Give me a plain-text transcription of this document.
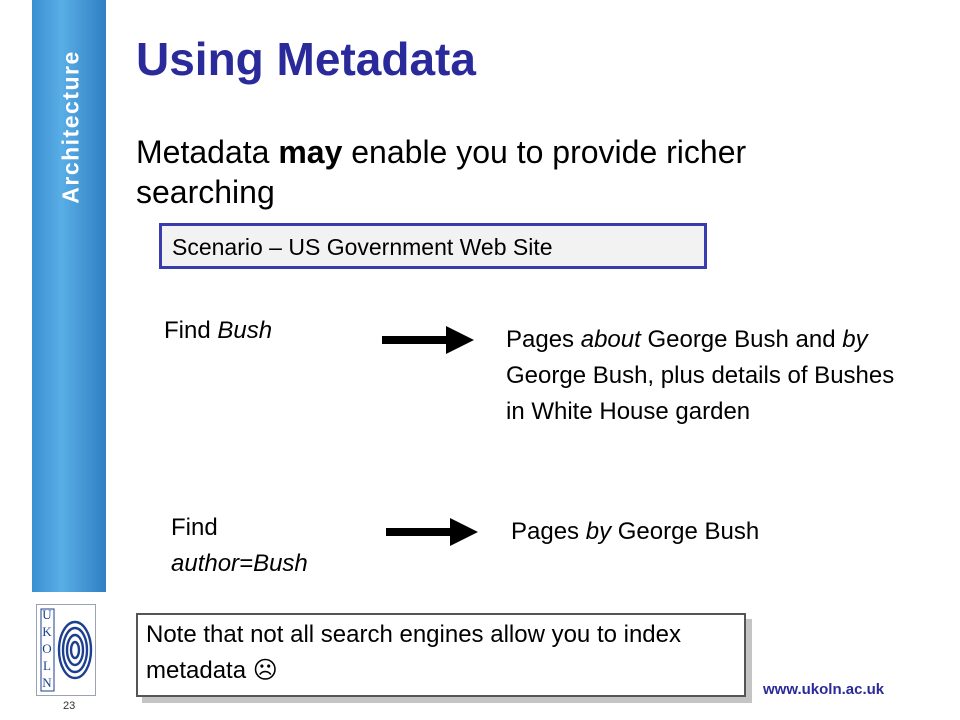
Architecture Using Metadata
Metadata may enable you to provide richer searching
Scenario – US Government Web Site
Find Bush	Pages about George Bush and by George Bush, plus details of Bushes in White House garden
Find
author=Bush
Pages by George Bush
U
K
O
L
N
23
Note that not all search engines allow you to index metadata ☹
www.ukoln.ac.uk
